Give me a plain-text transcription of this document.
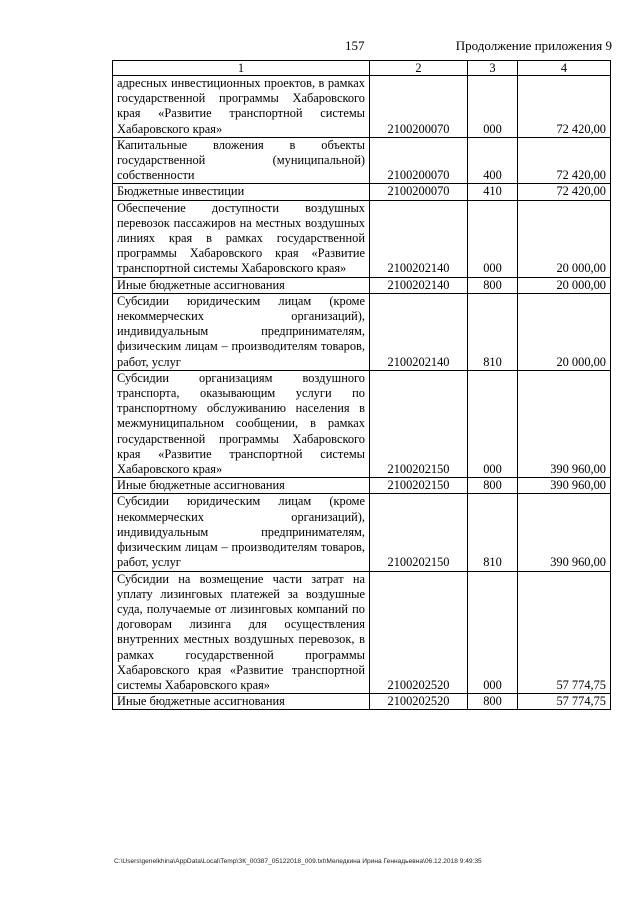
157	Продолжение приложения 9
1	2	3	4
адресных инвестиционных проектов, в рамках государственной программы Хабаровского края «Развитие транспортной системы Хабаровского края»	2100200070	000	72 420,00
Капитальные вложения в объекты государственной (муниципальной) собственности	2100200070	400	72 420,00
Бюджетные инвестиции	2100200070	410	72 420,00
Обеспечение доступности воздушных перевозок пассажиров на местных воздушных линиях края в рамках государственной программы Хабаровского края «Развитие транспортной системы Хабаровского края»	2100202140	000	20 000,00
Иные бюджетные ассигнования	2100202140	800	20 000,00
Субсидии юридическим лицам (кроме некоммерческих организаций), индивидуальным предпринимателям, физическим лицам – производителям товаров, работ, услуг	2100202140	810	20 000,00
Субсидии организациям воздушного транспорта, оказывающим услуги по транспортному обслуживанию населения в межмуниципальном сообщении, в рамках государственной программы Хабаровского края «Развитие транспортной системы Хабаровского края»	2100202150	000	390 960,00
Иные бюджетные ассигнования	2100202150	800	390 960,00
Субсидии юридическим лицам (кроме некоммерческих организаций), индивидуальным предпринимателям, физическим лицам – производителям товаров, работ, услуг	2100202150	810	390 960,00
Субсидии на возмещение части затрат на уплату лизинговых платежей за воздушные суда, получаемые от лизинговых компаний по договорам лизинга для осуществления внутренних местных воздушных перевозок, в рамках государственной программы Хабаровского края «Развитие транспортной системы Хабаровского края»	2100202520	000	57 774,75
Иные бюджетные ассигнования	2100202520	800	57 774,75
C:\Users\genelkhina\AppData\Local\Temp\ЗК_00387_05122018_009.txt\Меледкина Ирина Геннадьевна\06.12.2018 9:49:35
